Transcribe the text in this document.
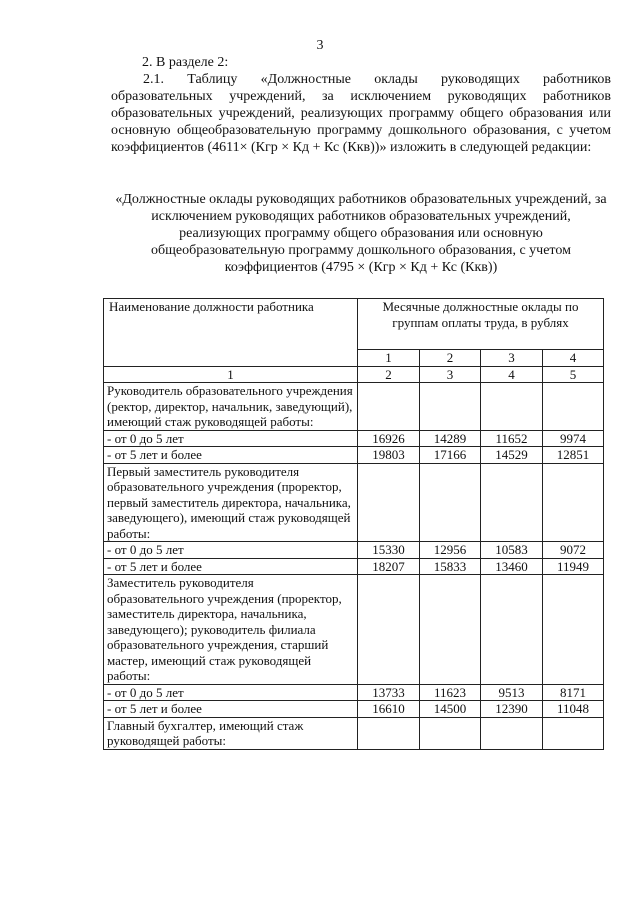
3
2. В разделе 2:
2.1. Таблицу «Должностные оклады руководящих работников образовательных учреждений, за исключением руководящих работников образовательных учреждений, реализующих программу общего образования или основную общеобразовательную программу дошкольного образования, с учетом коэффициентов (4611× (Кгр × Кд + Кс (Ккв))» изложить в следующей редакции:
«Должностные оклады руководящих работников образовательных учреждений, за исключением руководящих работников образовательных учреждений, реализующих программу общего образования или основную общеобразовательную программу дошкольного образования, с учетом коэффициентов (4795 × (Кгр × Кд + Кс (Ккв))
Наименование должности работника	Месячные должностные оклады по группам оплаты труда, в рублях			
	1	2	3	4
1	2	3	4	5
Руководитель образовательного учреждения (ректор, директор, начальник, заведующий), имеющий стаж руководящей работы:				
- от 0 до 5 лет	16926	14289	11652	9974
- от 5 лет и более	19803	17166	14529	12851
Первый заместитель руководителя образовательного учреждения (проректор, первый заместитель директора, начальника, заведующего), имеющий стаж руководящей работы:				
- от 0 до 5 лет	15330	12956	10583	9072
- от 5 лет и более	18207	15833	13460	11949
Заместитель руководителя образовательного учреждения (проректор, заместитель директора, начальника, заведующего); руководитель филиала образовательного учреждения, старший мастер, имеющий стаж руководящей работы:				
- от 0 до 5 лет	13733	11623	9513	8171
- от 5 лет и более	16610	14500	12390	11048
Главный бухгалтер, имеющий стаж руководящей работы:				
